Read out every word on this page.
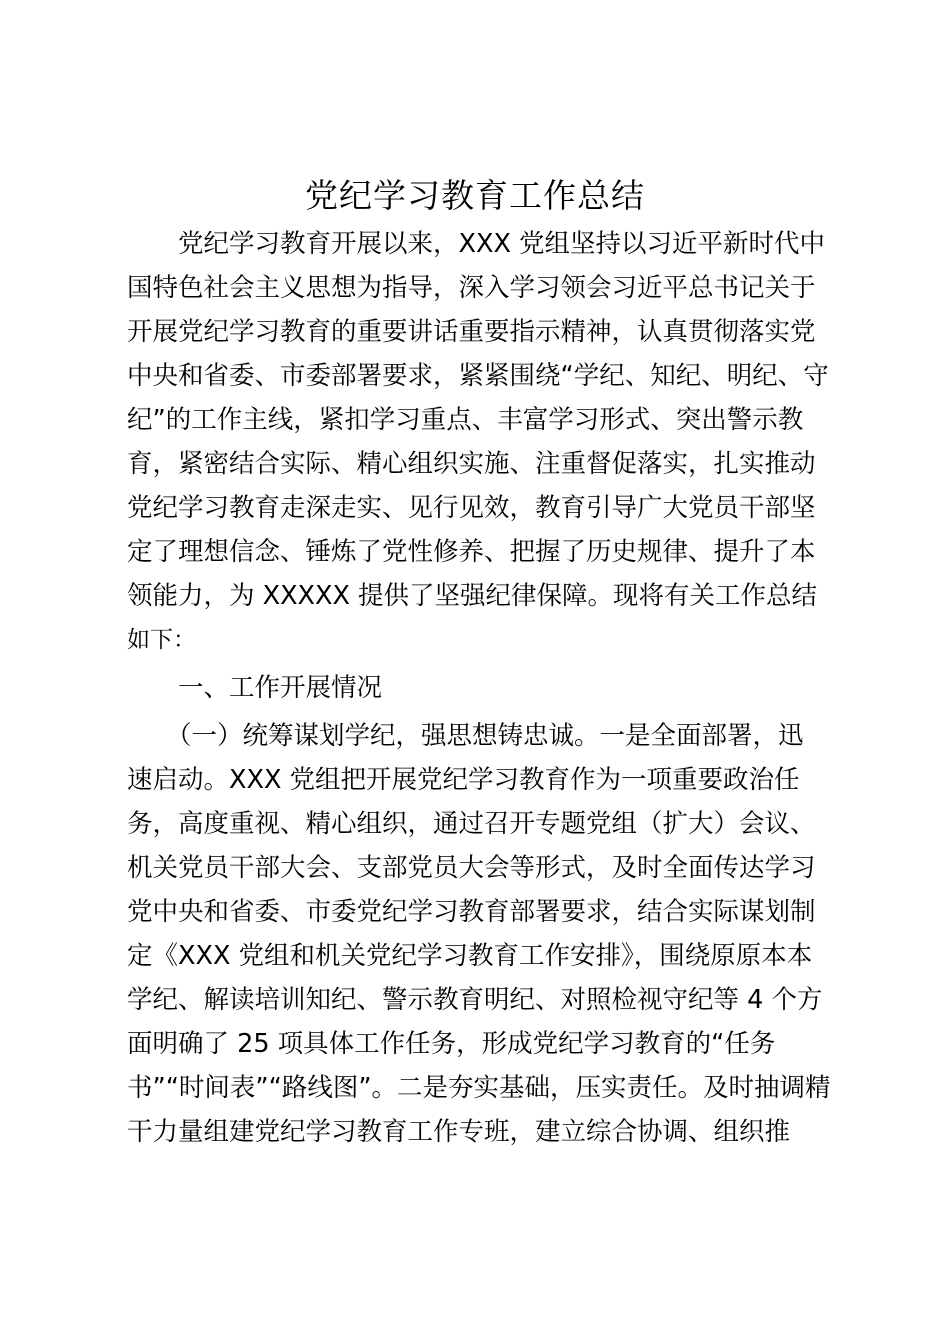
党纪学习教育工作总结
党纪学习教育开展以来，XXX 党组坚持以习近平新时代中
国特色社会主义思想为指导，深入学习领会习近平总书记关于
开展党纪学习教育的重要讲话重要指示精神，认真贯彻落实党
中央和省委、市委部署要求，紧紧围绕“学纪、知纪、明纪、守
纪”的工作主线，紧扣学习重点、丰富学习形式、突出警示教
育，紧密结合实际、精心组织实施、注重督促落实，扎实推动
党纪学习教育走深走实、见行见效，教育引导广大党员干部坚
定了理想信念、锤炼了党性修养、把握了历史规律、提升了本
领能力，为 XXXXX 提供了坚强纪律保障。现将有关工作总结
如下：
一、工作开展情况
（一）统筹谋划学纪，强思想铸忠诚。一是全面部署，迅
速启动。XXX 党组把开展党纪学习教育作为一项重要政治任
务，高度重视、精心组织，通过召开专题党组（扩大）会议、
机关党员干部大会、支部党员大会等形式，及时全面传达学习
党中央和省委、市委党纪学习教育部署要求，结合实际谋划制
定《XXX 党组和机关党纪学习教育工作安排》，围绕原原本本
学纪、解读培训知纪、警示教育明纪、对照检视守纪等 4 个方
面明确了 25 项具体工作任务，形成党纪学习教育的“任务
书”“时间表”“路线图”。二是夯实基础，压实责任。及时抽调精
干力量组建党纪学习教育工作专班，建立综合协调、组织推
